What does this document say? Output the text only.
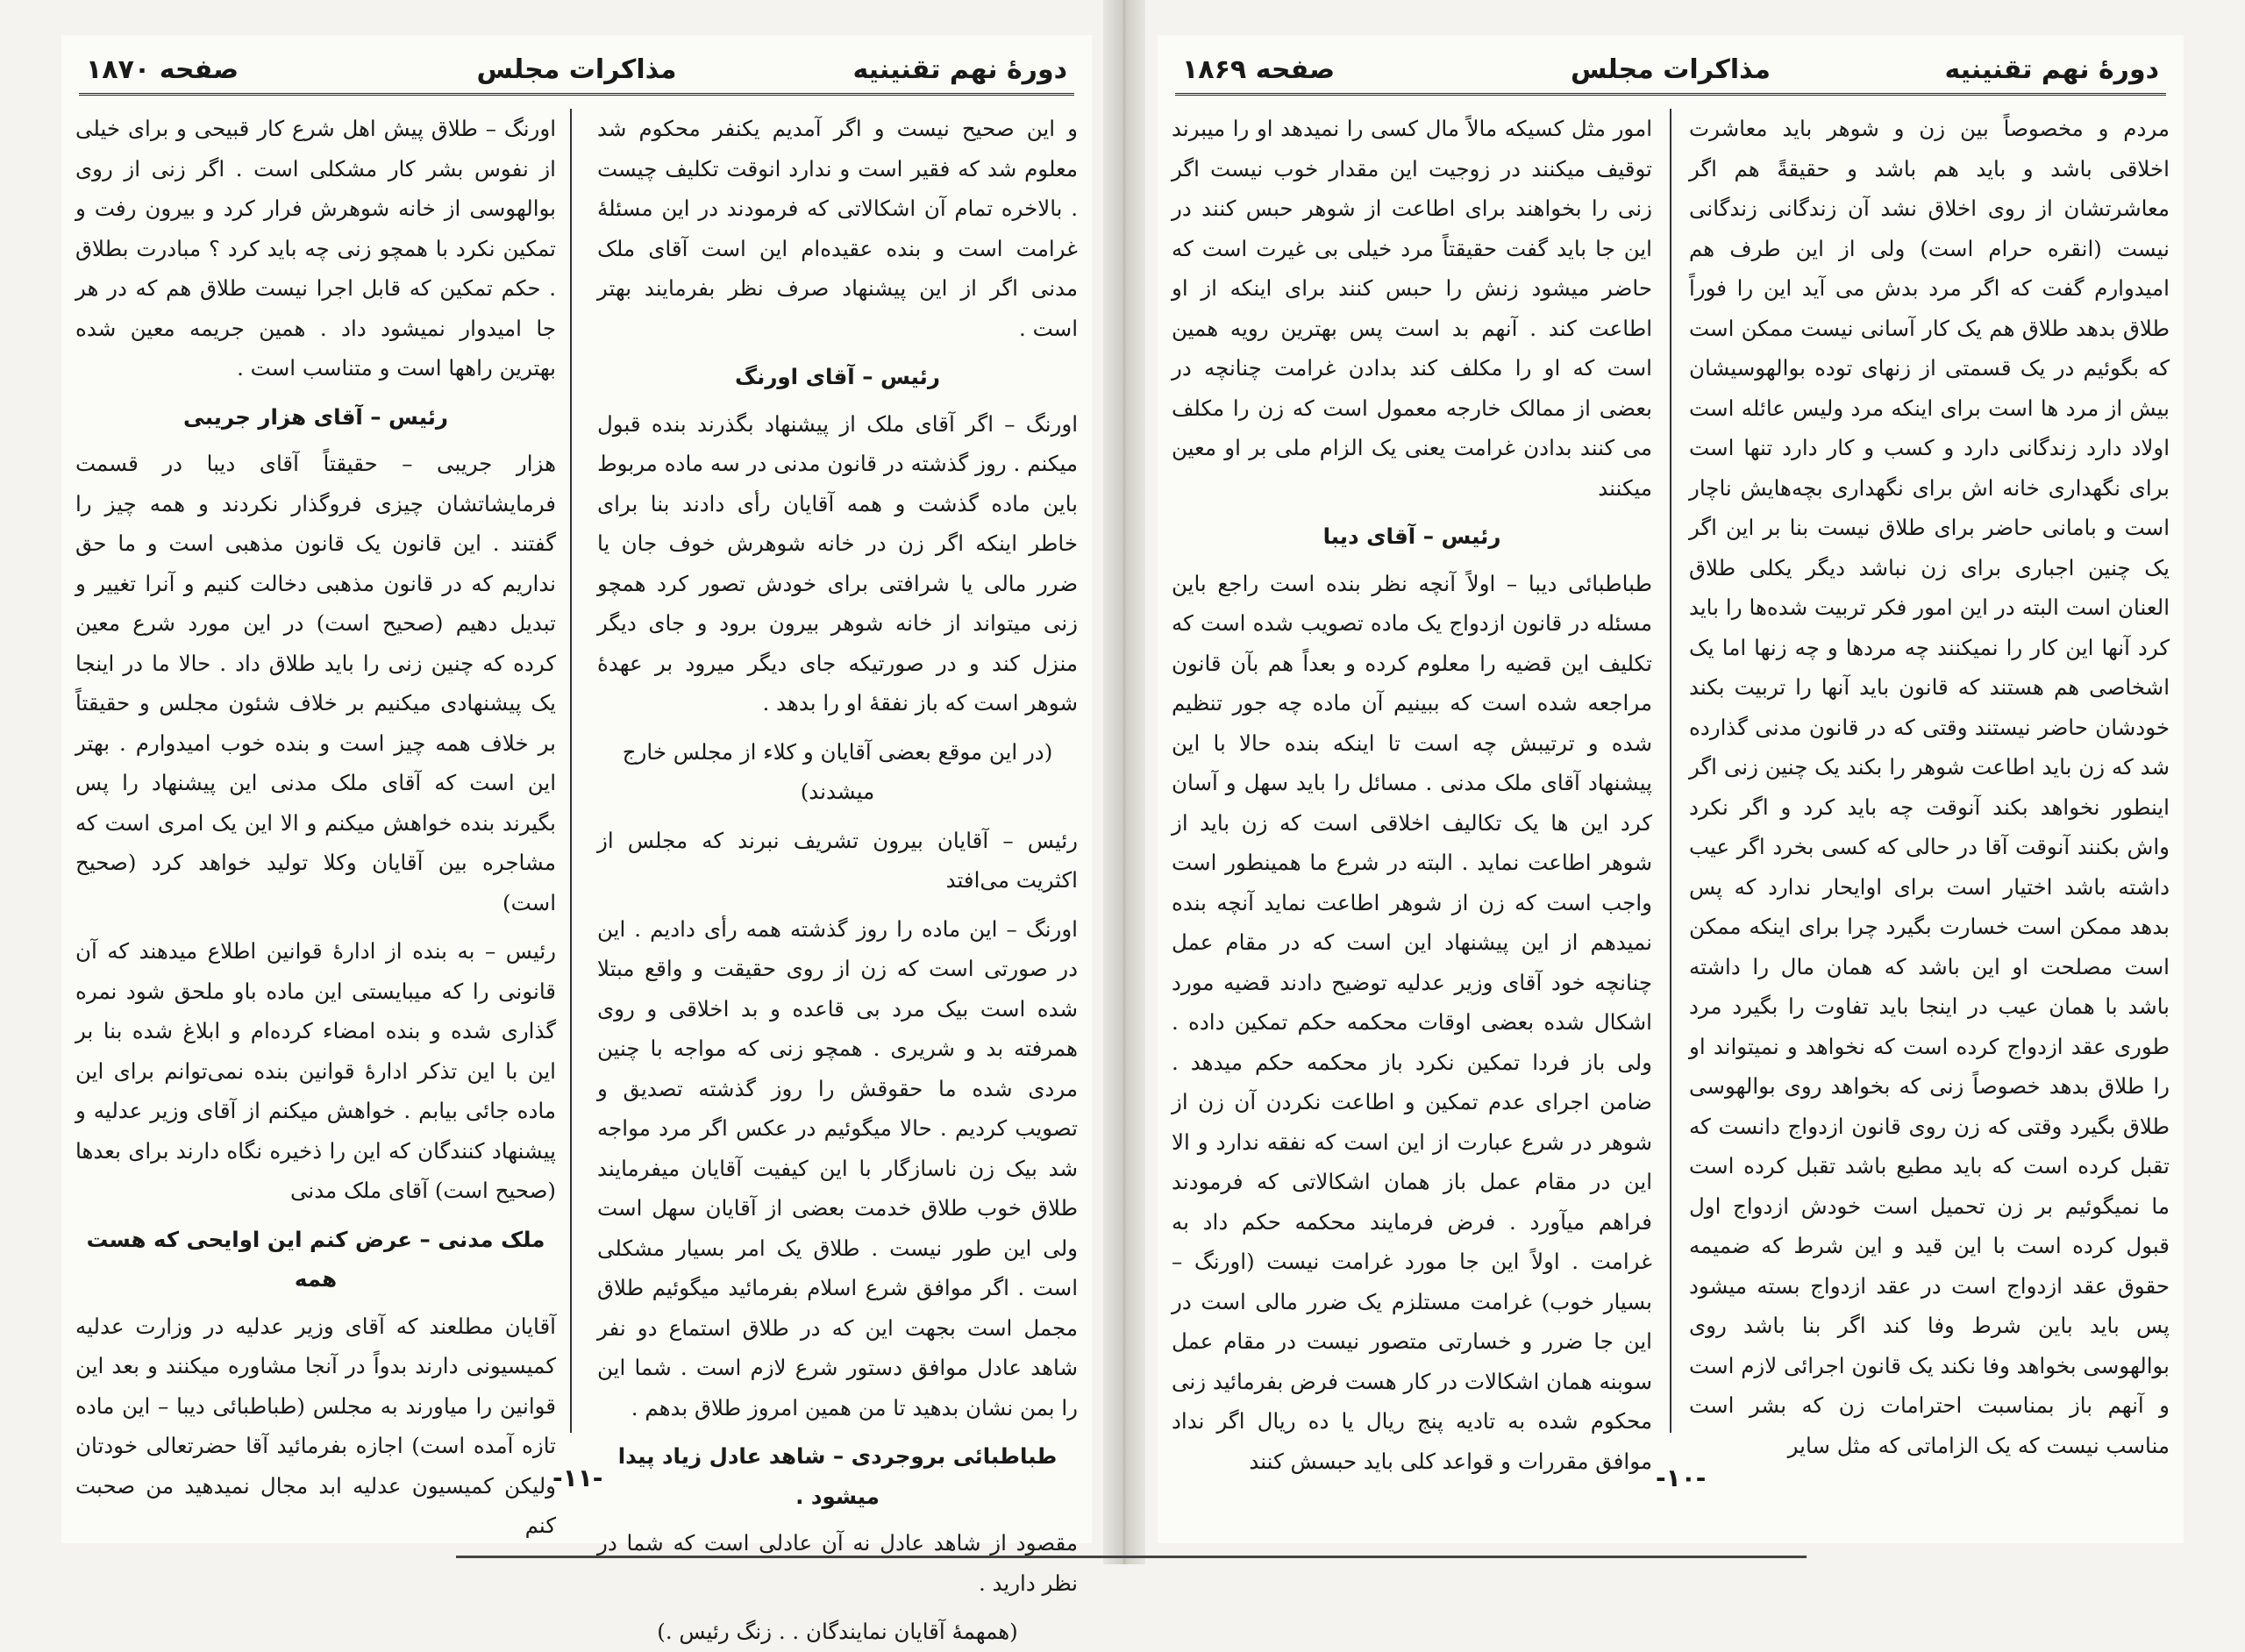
صفحه ۱۸۷۰	مذاکرات مجلس	دورهٔ نهم تقنینیه

و این صحیح نیست و اگر آمدیم یکنفر محکوم شد معلوم شد که فقیر است و ندارد انوقت تکلیف چیست . بالاخره تمام آن اشکالاتی که فرمودند در این مسئلهٔ غرامت است و بنده عقیده‌ام این است آقای ملک مدنی اگر از این پیشنهاد صرف نظر بفرمایند بهتر است .

رئیس – آقای اورنگ

اورنگ – اگر آقای ملک از پیشنهاد بگذرند بنده قبول میکنم . روز گذشته در قانون مدنی در سه ماده مربوط باین ماده گذشت و همه آقایان رأی دادند بنا برای خاطر اینکه اگر زن در خانه شوهرش خوف جان یا ضرر مالی یا شرافتی برای خودش تصور کرد همچو زنی میتواند از خانه شوهر بیرون برود و جای دیگر منزل کند و در صورتیکه جای دیگر میرود بر عهدهٔ شوهر است که باز نفقهٔ او را بدهد .

(در این موقع بعضی آقایان و کلاء از مجلس خارج میشدند)

رئیس – آقایان بیرون تشریف نبرند که مجلس از اکثریت می‌افتد

اورنگ – این ماده را روز گذشته همه رأی دادیم . این در صورتی است که زن از روی حقیقت و واقع مبتلا شده است بیک مرد بی قاعده و بد اخلاقی و روی همرفته بد و شریری . همچو زنی که مواجه با چنین مردی شده ما حقوقش را روز گذشته تصدیق و تصویب کردیم . حالا میگوئیم در عکس اگر مرد مواجه شد بیک زن ناسازگار با این کیفیت آقایان میفرمایند طلاق خوب طلاق خدمت بعضی از آقایان سهل است ولی این طور نیست . طلاق یک امر بسیار مشکلی است . اگر موافق شرع اسلام بفرمائید میگوئیم طلاق مجمل است بجهت این که در طلاق استماع دو نفر شاهد عادل موافق دستور شرع لازم است . شما این را بمن نشان بدهید تا من همین امروز طلاق بدهم .

طباطبائی بروجردی – شاهد عادل زیاد پیدا میشود .

مقصود از شاهد عادل نه آن عادلی است که شما در نظر دارید .

(همهمهٔ آقایان نمایندگان . . زنگ رئیس .)

اورنگ – طلاق پیش اهل شرع کار قبیحی و برای خیلی از نفوس بشر کار مشکلی است . اگر زنی از روی بوالهوسی از خانه شوهرش فرار کرد و بیرون رفت و تمکین نکرد با همچو زنی چه باید کرد ؟ مبادرت بطلاق . حکم تمکین که قابل اجرا نیست طلاق هم که در هر جا امیدوار نمیشود داد . همین جریمه معین شده بهترین راهها است و متناسب است .

رئیس – آقای هزار جریبی

هزار جریبی – حقیقتاً آقای دیبا در قسمت فرمایشاتشان چیزی فروگذار نکردند و همه چیز را گفتند . این قانون یک قانون مذهبی است و ما حق نداریم که در قانون مذهبی دخالت کنیم و آنرا تغییر و تبدیل دهیم (صحیح است) در این مورد شرع معین کرده که چنین زنی را باید طلاق داد . حالا ما در اینجا یک پیشنهادی میکنیم بر خلاف شئون مجلس و حقیقتاً بر خلاف همه چیز است و بنده خوب امیدوارم . بهتر این است که آقای ملک مدنی این پیشنهاد را پس بگیرند بنده خواهش میکنم و الا این یک امری است که مشاجره بین آقایان وکلا تولید خواهد کرد (صحیح است)

رئیس – به بنده از ادارهٔ قوانین اطلاع میدهند که آن قانونی را که میبایستی این ماده باو ملحق شود نمره گذاری شده و بنده امضاء کرده‌ام و ابلاغ شده بنا بر این با این تذکر ادارهٔ قوانین بنده نمی‌توانم برای این ماده جائی بیابم . خواهش میکنم از آقای وزیر عدلیه و پیشنهاد کنندگان که این را ذخیره نگاه دارند برای بعدها (صحیح است) آقای ملک مدنی

ملک مدنی – عرض کنم این اوایحی که هست همه

آقایان مطلعند که آقای وزیر عدلیه در وزارت عدلیه کمیسیونی دارند بدواً در آنجا مشاوره میکنند و بعد این قوانین را میاورند به مجلس (طباطبائی دیبا – این ماده تازه آمده است) اجازه بفرمائید آقا حضرتعالی خودتان ولیکن کمیسیون عدلیه ابد مجال نمیدهید من صحبت کنم

-۱۱-
صفحه ۱۸۶۹	مذاکرات مجلس	دورهٔ نهم تقنینیه

مردم و مخصوصاً بین زن و شوهر باید معاشرت اخلاقی باشد و باید هم باشد و حقیقةً هم اگر معاشرتشان از روی اخلاق نشد آن زندگانی زندگانی نیست (انقره حرام است) ولی از این طرف هم امیدوارم گفت که اگر مرد بدش می آید این را فوراً طلاق بدهد طلاق هم یک کار آسانی نیست ممکن است که بگوئیم در یک قسمتی از زنهای توده بوالهوسیشان بیش از مرد ها است برای اینکه مرد ولیس عائله است اولاد دارد زندگانی دارد و کسب و کار دارد تنها است برای نگهداری خانه اش برای نگهداری بچه‌هایش ناچار است و بامانی حاضر برای طلاق نیست بنا بر این اگر یک چنین اجباری برای زن نباشد دیگر یکلی طلاق العنان است البته در این امور فکر تربیت شده‌ها را باید کرد آنها این کار را نمیکنند چه مردها و چه زنها اما یک اشخاصی هم هستند که قانون باید آنها را تربیت بکند خودشان حاضر نیستند وقتی که در قانون مدنی گذارده شد که زن باید اطاعت شوهر را بکند یک چنین زنی اگر اینطور نخواهد بکند آنوقت چه باید کرد و اگر نکرد واش بکنند آنوقت آقا در حالی که کسی بخرد اگر عیب داشته باشد اختیار است برای اوایحار ندارد که پس بدهد ممکن است خسارت بگیرد چرا برای اینکه ممکن است مصلحت او این باشد که همان مال را داشته باشد با همان عیب در اینجا باید تفاوت را بگیرد مرد طوری عقد ازدواج کرده است که نخواهد و نمیتواند او را طلاق بدهد خصوصاً زنی که بخواهد روی بوالهوسی طلاق بگیرد وقتی که زن روی قانون ازدواج دانست که تقبل کرده است که باید مطیع باشد تقبل کرده است ما نمیگوئیم بر زن تحمیل است خودش ازدواج اول قبول کرده است با این قید و این شرط که ضمیمه حقوق عقد ازدواج است در عقد ازدواج بسته میشود پس باید باین شرط وفا کند اگر بنا باشد روی بوالهوسی بخواهد وفا نکند یک قانون اجرائی لازم است و آنهم باز بمناسبت احترامات زن که بشر است مناسب نیست که یک الزاماتی که مثل سایر

امور مثل کسیکه مالاً مال کسی را نمیدهد او را میبرند توقیف میکنند در زوجیت این مقدار خوب نیست اگر زنی را بخواهند برای اطاعت از شوهر حبس کنند در این جا باید گفت حقیقتاً مرد خیلی بی غیرت است که حاضر میشود زنش را حبس کنند برای اینکه از او اطاعت کند . آنهم بد است پس بهترین رویه همین است که او را مکلف کند بدادن غرامت چنانچه در بعضی از ممالک خارجه معمول است که زن را مکلف می کنند بدادن غرامت یعنی یک الزام ملی بر او معین میکنند

رئیس – آقای دیبا

طباطبائی دیبا – اولاً آنچه نظر بنده است راجع باین مسئله در قانون ازدواج یک ماده تصویب شده است که تکلیف این قضیه را معلوم کرده و بعداً هم بآن قانون مراجعه شده است که ببینیم آن ماده چه جور تنظیم شده و ترتیبش چه است تا اینکه بنده حالا با این پیشنهاد آقای ملک مدنی . مسائل را باید سهل و آسان کرد این ها یک تکالیف اخلاقی است که زن باید از شوهر اطاعت نماید . البته در شرع ما همینطور است واجب است که زن از شوهر اطاعت نماید آنچه بنده نمیدهم از این پیشنهاد این است که در مقام عمل چنانچه خود آقای وزیر عدلیه توضیح دادند قضیه مورد اشکال شده بعضی اوقات محکمه حکم تمکین داده . ولی باز فردا تمکین نکرد باز محکمه حکم میدهد . ضامن اجرای عدم تمکین و اطاعت نکردن آن زن از شوهر در شرع عبارت از این است که نفقه ندارد و الا این در مقام عمل باز همان اشکالاتی که فرمودند فراهم میآورد . فرض فرمایند محکمه حکم داد به غرامت . اولاً این جا مورد غرامت نیست (اورنگ – بسیار خوب) غرامت مستلزم یک ضرر مالی است در این جا ضرر و خسارتی متصور نیست در مقام عمل سوبنه همان اشکالات در کار هست فرض بفرمائید زنی محکوم شده به تادیه پنج ریال یا ده ریال اگر نداد موافق مقررات و قواعد کلی باید حبسش کنند

-۱۰-
